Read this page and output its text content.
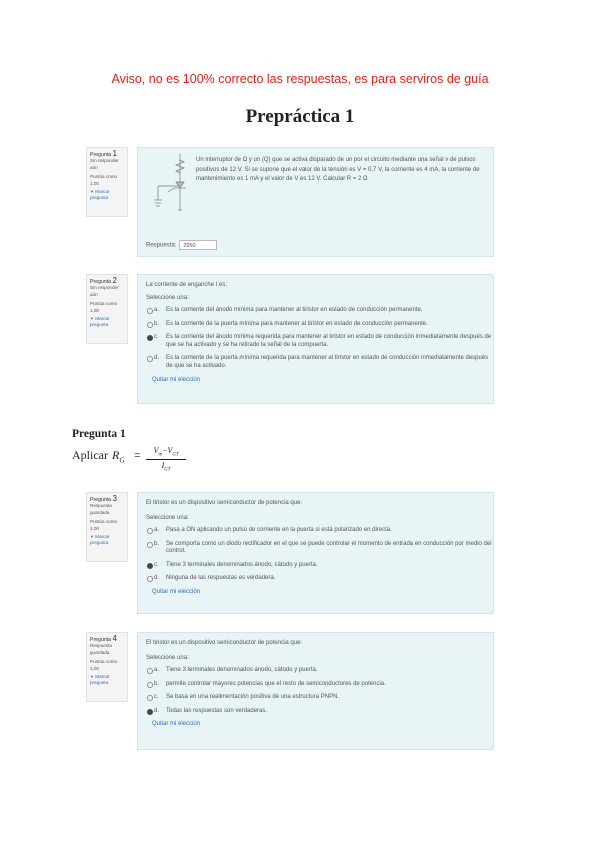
Aviso, no es 100% correcto las respuestas, es para serviros de guía
Prepráctica 1
Pregunta 1
Sin responder aún
Puntúa como 1,00
▼ Marcar pregunta
Un interruptor de Ω y un (Q) que se activa disparado de un por el circuito mediante una señal v de pulsos positivos de 12 V. Si se supone que el valor de la tensión es V = 0,7 V, la corriente es 4 mA, la corriente de mantenimiento es 1 mA y el valor de V es 12 V. Calcular R = 2 Ω
Respuesta: 2950
Pregunta 2
Sin responder aún
Puntúa como 1,00
▼ Marcar pregunta
La corriente de enganche I es:
Seleccione una:
a. Es la corriente del ánodo mínima para mantener al tiristor en estado de conducción permanente.
b. Es la corriente de la puerta mínima para mantener al tiristor en estado de conducción permanente.
c. Es la corriente del ánodo mínima requerida para mantener al tiristor en estado de conducción inmediatamente después de que se ha activado y se ha retirado la señal de la compuerta.
d. Es la corriente de la puerta mínima requerida para mantener al tiristor en estado de conducción inmediatamente después de que se ha activado.
Quitar mi elección
Pregunta 1
Aplicar $R_G$ =	$V_{in}-V_{GT}$
$I_{GT}$
Pregunta 3
Respuesta guardada
Puntúa como 1,00
▼ Marcar pregunta
El tiristor es un dispositivo semiconductor de potencia que:
Seleccione una:
a. Pasa a ON aplicando un pulso de corriente en la puerta si está polarizado en directa.
b. Se comporta como un diodo rectificador en el que se puede controlar el momento de entrada en conducción por medio del control.
c. Tiene 3 terminales denominados ánodo, cátodo y puerta.
d. Ninguna de las respuestas es verdadera.
Quitar mi elección
Pregunta 4
Respuesta guardada
Puntúa como 1,00
▼ Marcar pregunta
El tiristor es un dispositivo semiconductor de potencia que:
Seleccione una:
a. Tiene 3 terminales denominados ánodo, cátodo y puerta.
b. permite controlar mayores potencias que el resto de semiconductores de potencia.
c. Se basa en una realimentación positiva de una estructura PNPN.
d. Todas las respuestas son verdaderas.
Quitar mi elección
